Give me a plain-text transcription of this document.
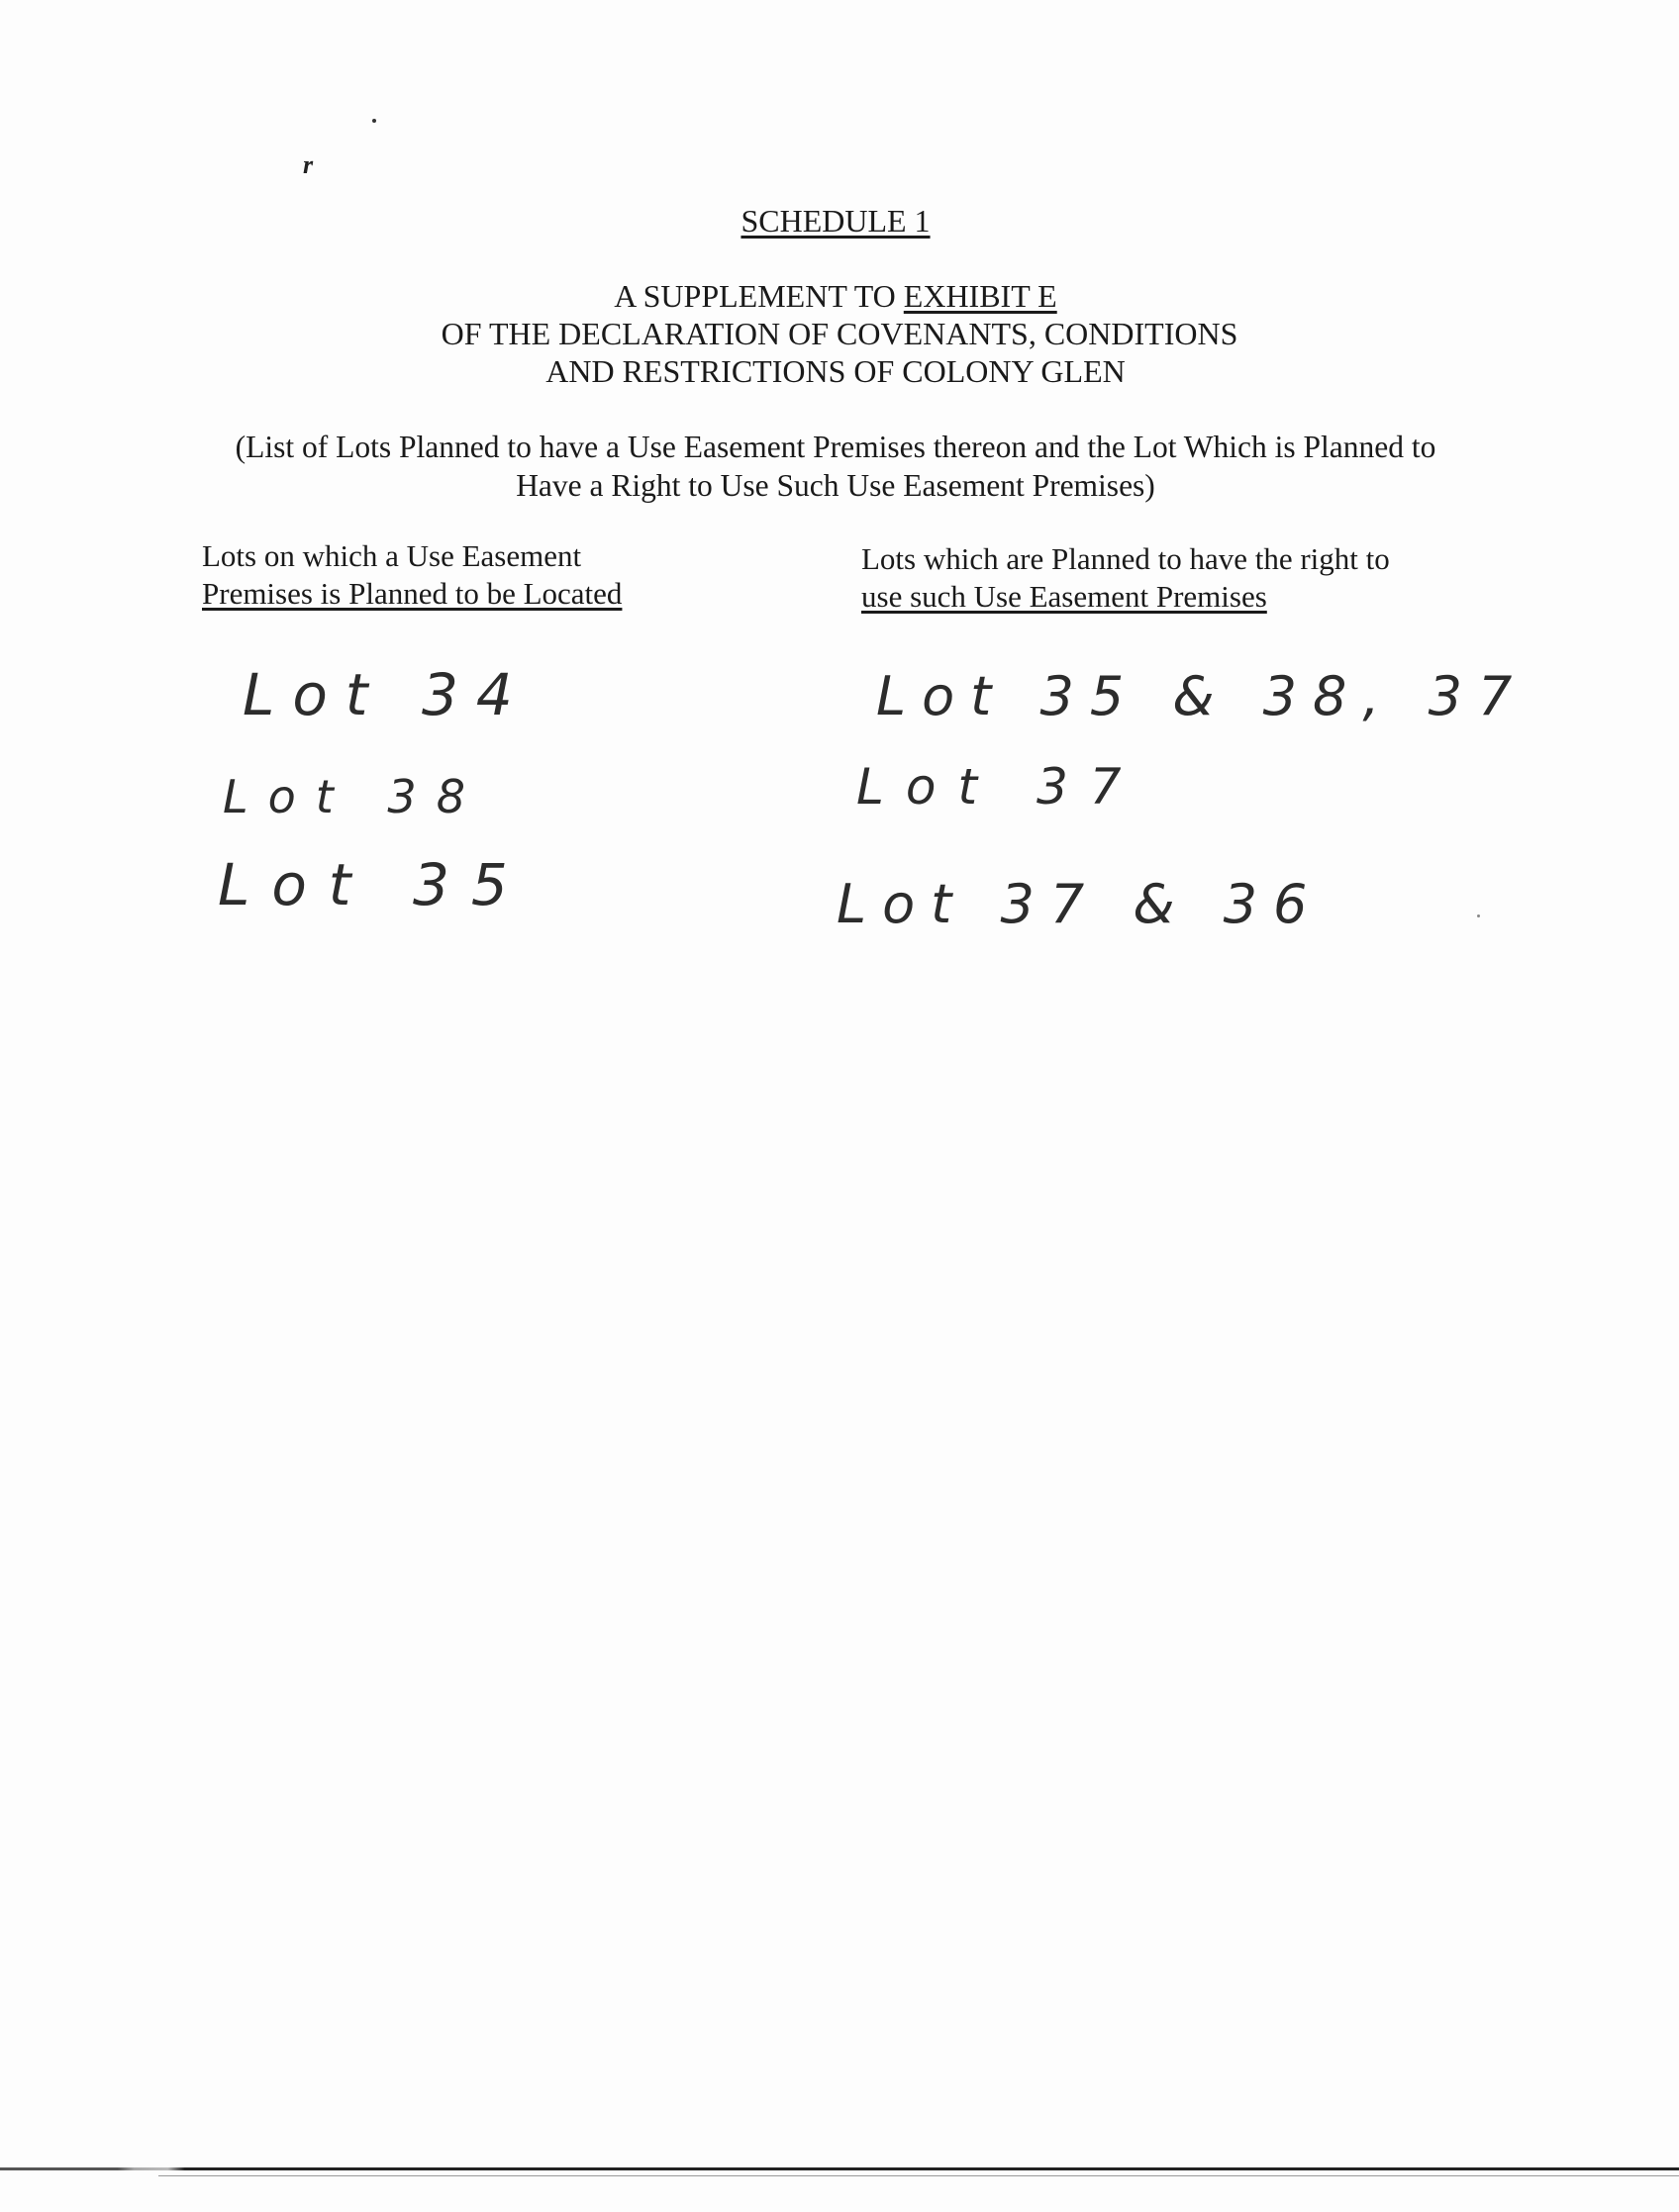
r
SCHEDULE 1
A SUPPLEMENT TO EXHIBIT E
OF THE DECLARATION OF COVENANTS, CONDITIONS
AND RESTRICTIONS OF COLONY GLEN
(List of Lots Planned to have a Use Easement Premises thereon and the Lot Which is Planned to
Have a Right to Use Such Use Easement Premises)
Lots on which a Use Easement
Premises is Planned to be Located
Lots which are Planned to have the right to
use such Use Easement Premises
Lot 34
Lot 38
Lot 35
Lot 35 & 38, 37
Lot 37
Lot 37 & 36
